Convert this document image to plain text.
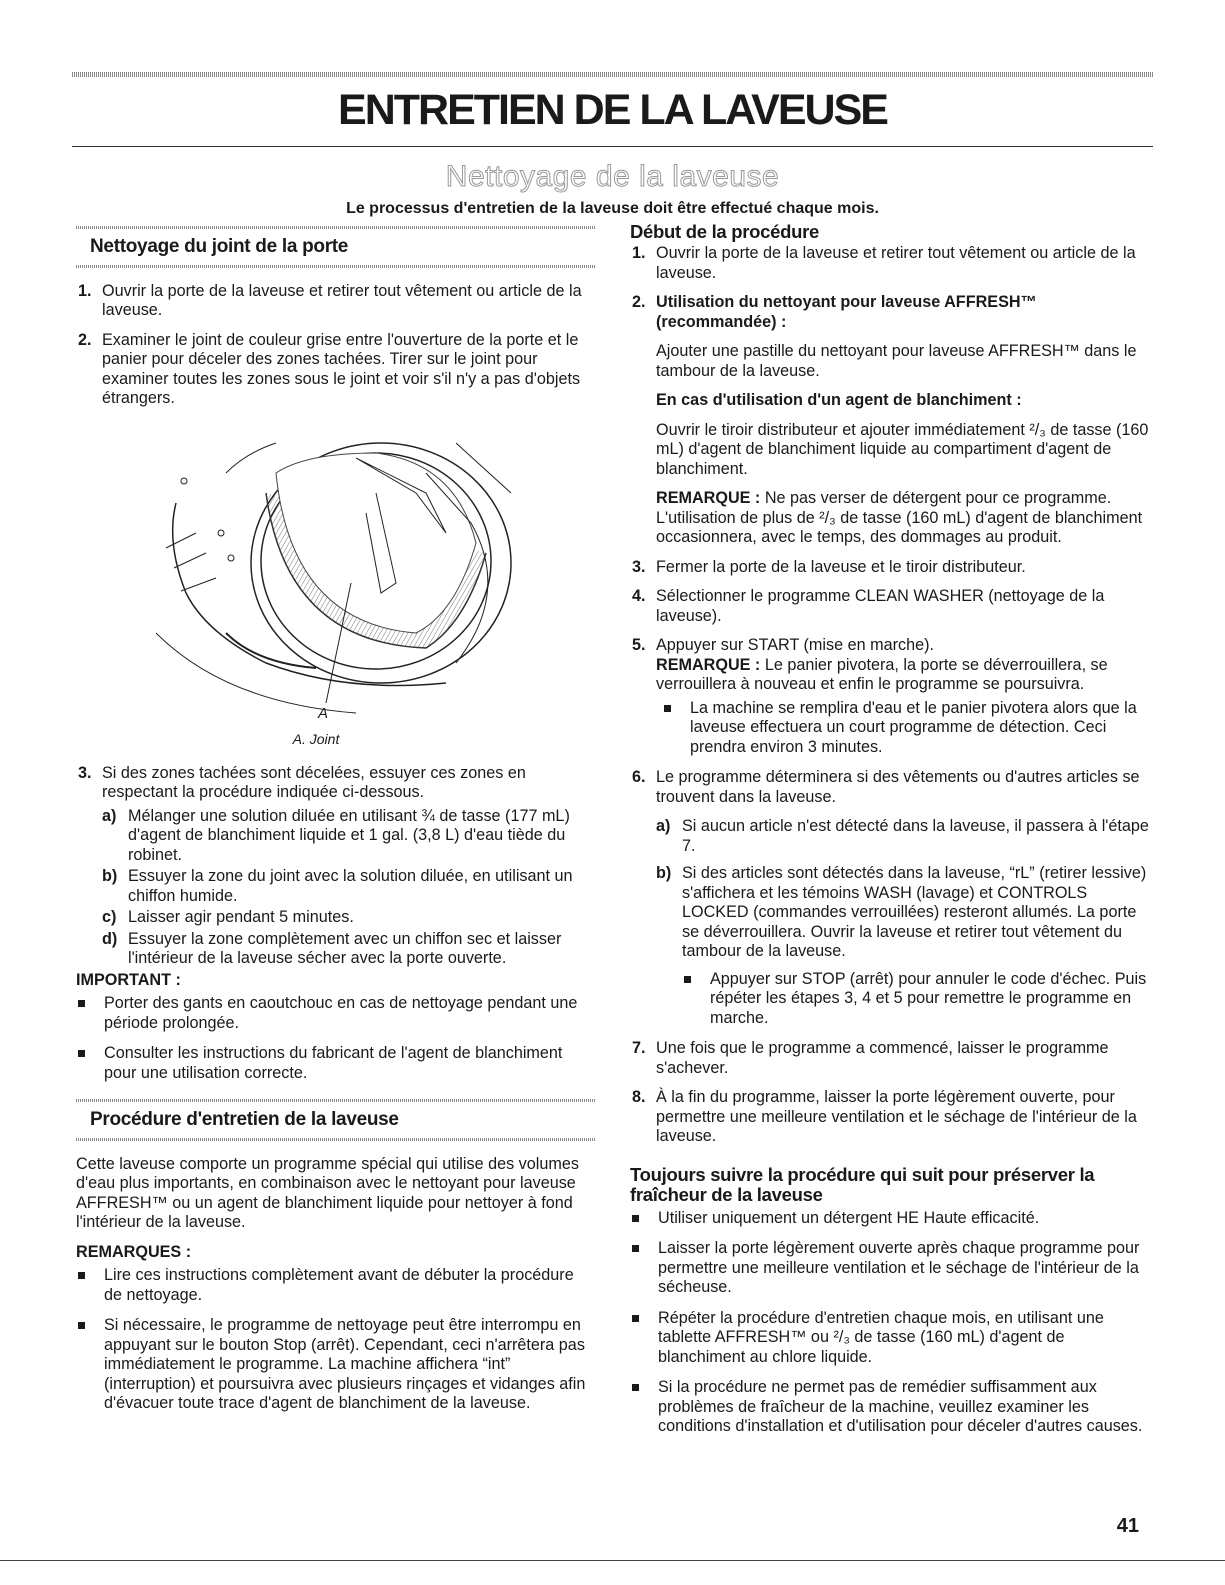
ENTRETIEN DE LA LAVEUSE
Nettoyage de la laveuse
Le processus d'entretien de la laveuse doit être effectué chaque mois.
Nettoyage du joint de la porte
1. Ouvrir la porte de la laveuse et retirer tout vêtement ou article de la laveuse.
2. Examiner le joint de couleur grise entre l'ouverture de la porte et le panier pour déceler des zones tachées. Tirer sur le joint pour examiner toutes les zones sous le joint et voir s'il n'y a pas d'objets étrangers.
A
A. Joint
3. Si des zones tachées sont décelées, essuyer ces zones en respectant la procédure indiquée ci-dessous.
a) Mélanger une solution diluée en utilisant ¾ de tasse (177 mL) d'agent de blanchiment liquide et 1 gal. (3,8 L) d'eau tiède du robinet.
b) Essuyer la zone du joint avec la solution diluée, en utilisant un chiffon humide.
c) Laisser agir pendant 5 minutes.
d) Essuyer la zone complètement avec un chiffon sec et laisser l'intérieur de la laveuse sécher avec la porte ouverte.
IMPORTANT :
Porter des gants en caoutchouc en cas de nettoyage pendant une période prolongée.
Consulter les instructions du fabricant de l'agent de blanchiment pour une utilisation correcte.
Procédure d'entretien de la laveuse

Cette laveuse comporte un programme spécial qui utilise des volumes d'eau plus importants, en combinaison avec le nettoyant pour laveuse AFFRESH™ ou un agent de blanchiment liquide pour nettoyer à fond l'intérieur de la laveuse.

REMARQUES :
Lire ces instructions complètement avant de débuter la procédure de nettoyage.
Si nécessaire, le programme de nettoyage peut être interrompu en appuyant sur le bouton Stop (arrêt). Cependant, ceci n'arrêtera pas immédiatement le programme. La machine affichera “int” (interruption) et poursuivra avec plusieurs rinçages et vidanges afin d'évacuer toute trace d'agent de blanchiment de la laveuse.
Début de la procédure
1. Ouvrir la porte de la laveuse et retirer tout vêtement ou article de la laveuse.
2. Utilisation du nettoyant pour laveuse AFFRESH™ (recommandée) :

Ajouter une pastille du nettoyant pour laveuse AFFRESH™ dans le tambour de la laveuse.

En cas d'utilisation d'un agent de blanchiment :

Ouvrir le tiroir distributeur et ajouter immédiatement ²/₃ de tasse (160 mL) d'agent de blanchiment liquide au compartiment d'agent de blanchiment.

REMARQUE : Ne pas verser de détergent pour ce programme. L'utilisation de plus de ²/₃ de tasse (160 mL) d'agent de blanchiment occasionnera, avec le temps, des dommages au produit.

3. Fermer la porte de la laveuse et le tiroir distributeur.
4. Sélectionner le programme CLEAN WASHER (nettoyage de la laveuse).
5. Appuyer sur START (mise en marche).
REMARQUE : Le panier pivotera, la porte se déverrouillera, se verrouillera à nouveau et enfin le programme se poursuivra.
La machine se remplira d'eau et le panier pivotera alors que la laveuse effectuera un court programme de détection. Ceci prendra environ 3 minutes.
6. Le programme déterminera si des vêtements ou d'autres articles se trouvent dans la laveuse.
a) Si aucun article n'est détecté dans la laveuse, il passera à l'étape 7.
b) Si des articles sont détectés dans la laveuse, “rL” (retirer lessive) s'affichera et les témoins WASH (lavage) et CONTROLS LOCKED (commandes verrouillées) resteront allumés. La porte se déverrouillera. Ouvrir la laveuse et retirer tout vêtement du tambour de la laveuse.
Appuyer sur STOP (arrêt) pour annuler le code d'échec. Puis répéter les étapes 3, 4 et 5 pour remettre le programme en marche.
7. Une fois que le programme a commencé, laisser le programme s'achever.
8. À la fin du programme, laisser la porte légèrement ouverte, pour permettre une meilleure ventilation et le séchage de l'intérieur de la laveuse.
Toujours suivre la procédure qui suit pour préserver la fraîcheur de la laveuse
Utiliser uniquement un détergent HE Haute efficacité.
Laisser la porte légèrement ouverte après chaque programme pour permettre une meilleure ventilation et le séchage de l'intérieur de la sécheuse.
Répéter la procédure d'entretien chaque mois, en utilisant une tablette AFFRESH™ ou ²/₃ de tasse (160 mL) d'agent de blanchiment au chlore liquide.
Si la procédure ne permet pas de remédier suffisamment aux problèmes de fraîcheur de la machine, veuillez examiner les conditions d'installation et d'utilisation pour déceler d'autres causes.
41
